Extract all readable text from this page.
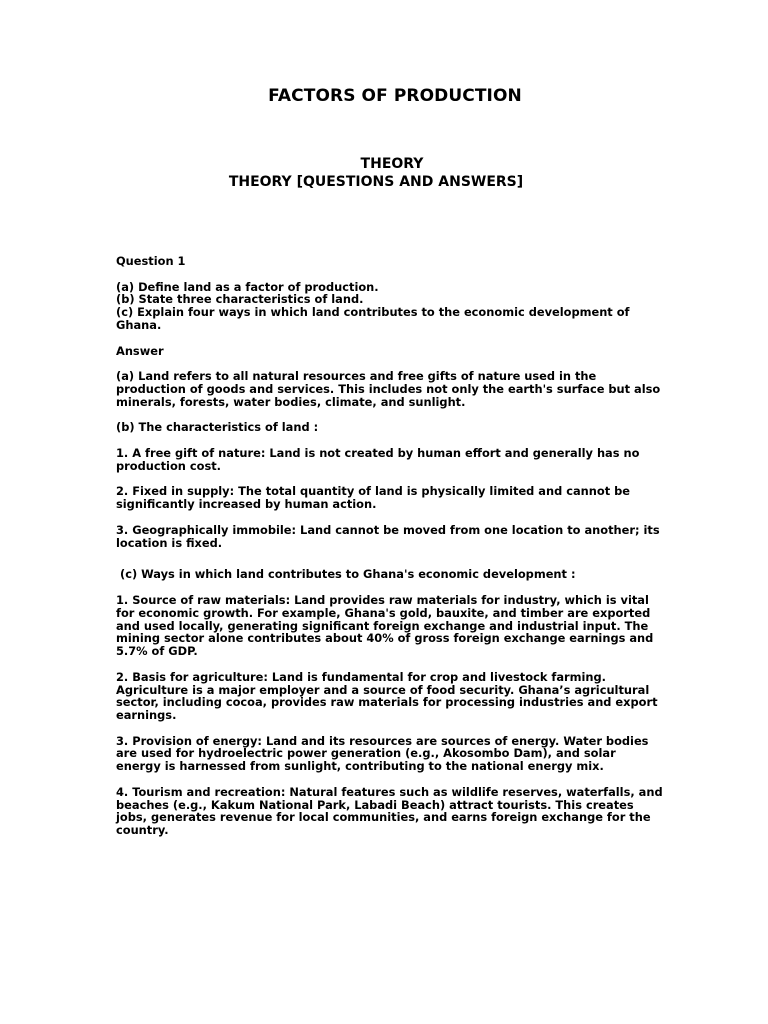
FACTORS OF PRODUCTION
THEORY
THEORY [QUESTIONS AND ANSWERS]

Question 1

(a) Define land as a factor of production.
(b) State three characteristics of land.
(c) Explain four ways in which land contributes to the economic development of Ghana.

Answer

(a) Land refers to all natural resources and free gifts of nature used in the production of goods and services. This includes not only the earth's surface but also minerals, forests, water bodies, climate, and sunlight.

(b) The characteristics of land :

1. A free gift of nature: Land is not created by human effort and generally has no production cost.

2. Fixed in supply: The total quantity of land is physically limited and cannot be significantly increased by human action.

3. Geographically immobile: Land cannot be moved from one location to another; its location is fixed.

(c) Ways in which land contributes to Ghana's economic development :

1. Source of raw materials: Land provides raw materials for industry, which is vital for economic growth. For example, Ghana's gold, bauxite, and timber are exported and used locally, generating significant foreign exchange and industrial input. The mining sector alone contributes about 40% of gross foreign exchange earnings and 5.7% of GDP.

2. Basis for agriculture: Land is fundamental for crop and livestock farming. Agriculture is a major employer and a source of food security. Ghana’s agricultural sector, including cocoa, provides raw materials for processing industries and export earnings.

3. Provision of energy: Land and its resources are sources of energy. Water bodies are used for hydroelectric power generation (e.g., Akosombo Dam), and solar energy is harnessed from sunlight, contributing to the national energy mix.

4. Tourism and recreation: Natural features such as wildlife reserves, waterfalls, and beaches (e.g., Kakum National Park, Labadi Beach) attract tourists. This creates jobs, generates revenue for local communities, and earns foreign exchange for the country.
